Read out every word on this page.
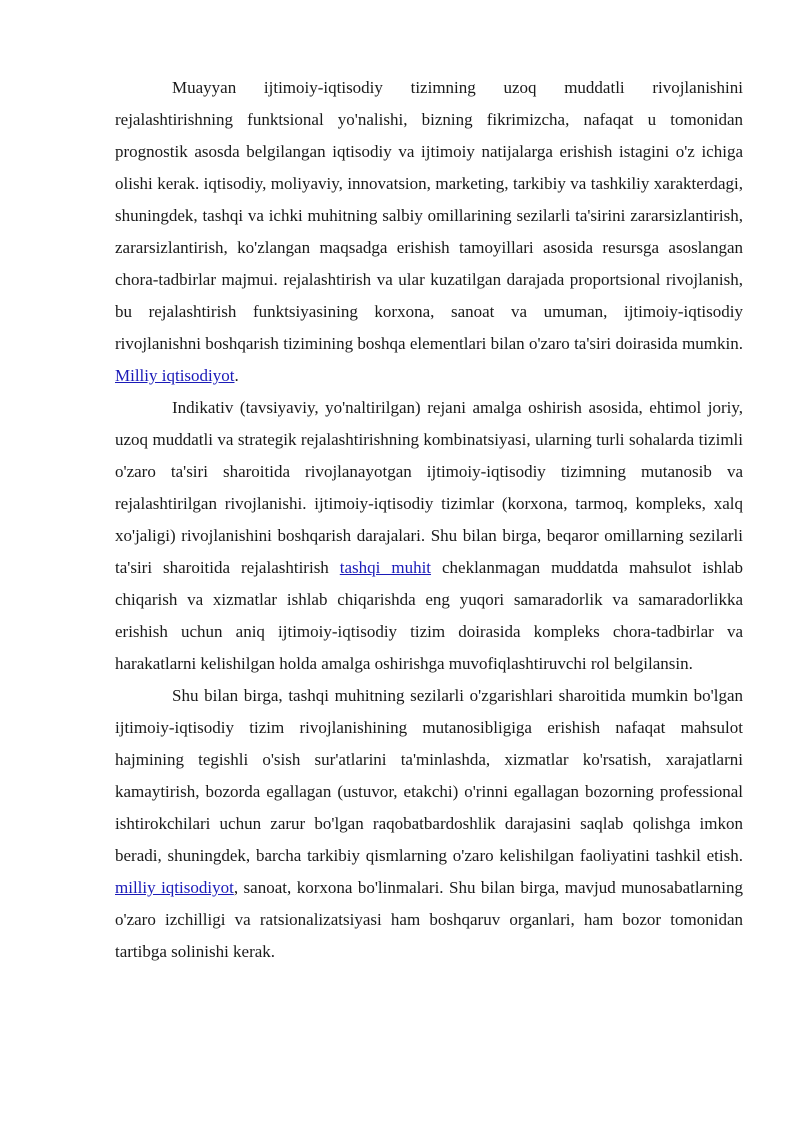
Muayyan ijtimoiy-iqtisodiy tizimning uzoq muddatli rivojlanishini rejalashtirishning funktsional yo'nalishi, bizning fikrimizcha, nafaqat u tomonidan prognostik asosda belgilangan iqtisodiy va ijtimoiy natijalarga erishish istagini o'z ichiga olishi kerak. iqtisodiy, moliyaviy, innovatsion, marketing, tarkibiy va tashkiliy xarakterdagi, shuningdek, tashqi va ichki muhitning salbiy omillarining sezilarli ta'sirini zararsizlantirish, zararsizlantirish, ko'zlangan maqsadga erishish tamoyillari asosida resursga asoslangan chora-tadbirlar majmui. rejalashtirish va ular kuzatilgan darajada proportsional rivojlanish, bu rejalashtirish funktsiyasining korxona, sanoat va umuman, ijtimoiy-iqtisodiy rivojlanishni boshqarish tizimining boshqa elementlari bilan o'zaro ta'siri doirasida mumkin. Milliy iqtisodiyot.

Indikativ (tavsiyaviy, yo'naltirilgan) rejani amalga oshirish asosida, ehtimol joriy, uzoq muddatli va strategik rejalashtirishning kombinatsiyasi, ularning turli sohalarda tizimli o'zaro ta'siri sharoitida rivojlanayotgan ijtimoiy-iqtisodiy tizimning mutanosib va rejalashtirilgan rivojlanishi. ijtimoiy-iqtisodiy tizimlar (korxona, tarmoq, kompleks, xalq xo'jaligi) rivojlanishini boshqarish darajalari. Shu bilan birga, beqaror omillarning sezilarli ta'siri sharoitida rejalashtirish tashqi muhit cheklanmagan muddatda mahsulot ishlab chiqarish va xizmatlar ishlab chiqarishda eng yuqori samaradorlik va samaradorlikka erishish uchun aniq ijtimoiy-iqtisodiy tizim doirasida kompleks chora-tadbirlar va harakatlarni kelishilgan holda amalga oshirishga muvofiqlashtiruvchi rol belgilansin.

Shu bilan birga, tashqi muhitning sezilarli o'zgarishlari sharoitida mumkin bo'lgan ijtimoiy-iqtisodiy tizim rivojlanishining mutanosibligiga erishish nafaqat mahsulot hajmining tegishli o'sish sur'atlarini ta'minlashda, xizmatlar ko'rsatish, xarajatlarni kamaytirish, bozorda egallagan (ustuvor, etakchi) o'rinni egallagan bozorning professional ishtirokchilari uchun zarur bo'lgan raqobatbardoshlik darajasini saqlab qolishga imkon beradi, shuningdek, barcha tarkibiy qismlarning o'zaro kelishilgan faoliyatini tashkil etish. milliy iqtisodiyot, sanoat, korxona bo'linmalari. Shu bilan birga, mavjud munosabatlarning o'zaro izchilligi va ratsionalizatsiyasi ham boshqaruv organlari, ham bozor tomonidan tartibga solinishi kerak.
